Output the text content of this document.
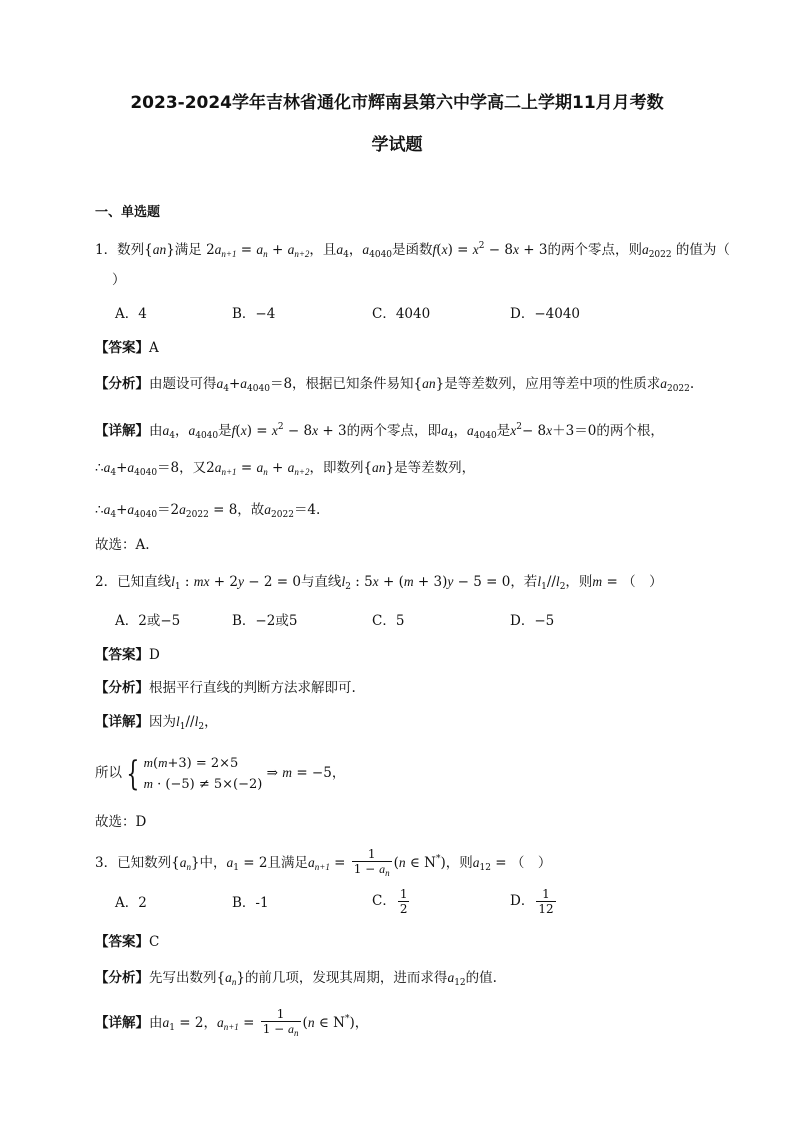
2023-2024学年吉林省通化市辉南县第六中学高二上学期11月月考数
学试题
一、单选题
1．数列{an}满足 $2a_{n+1} = a_n + a_{n+2}$，且$a_4$，$a_{4040}$是函数$f(x) = x^2 - 8x + 3$的两个零点，则$a_{2022}$ 的值为（
）
A．4	B．−4	C．4040	D．−4040
【答案】A
【分析】由题设可得$a_4+a_{4040}=8$，根据已知条件易知{an}是等差数列，应用等差中项的性质求$a_{2022}$.
【详解】由$a_4$，$a_{4040}$是$f(x) = x^2 - 8x + 3$的两个零点，即$a_4$，$a_{4040}$是$x^2- 8x+3=0$的两个根，
$\therefore a_4+a_{4040}=8$，又$2a_{n+1} = a_n + a_{n+2}$，即数列{an}是等差数列，
$\therefore a_4+a_{4040}=2a_{2022} = 8$，故$a_{2022}=4$.
故选：A.
2．已知直线$l_1$ : mx + 2y − 2 = 0与直线$l_2$ : 5x + (m + 3)y − 5 = 0，若$l_1//l_2$，则m = （　）
A．2或−5	B．−2或5	C．5	D．−5
【答案】D
【分析】根据平行直线的判断方法求解即可.
【详解】因为$l_1//l_2$，
所以 { m(m+3) = 2×5
m · (−5) ≠ 5×(−2) ⇒ m = −5，
故选：D
3．已知数列$\{a_n\}$中，$a_1 = 2$且满足$a_{n+1} = \frac{1}{1 - a_n} (n$ ∈ N*)，则$a_{12}$ = （　）
A．2	B．-1	C． $\frac{1}{2}$	D． $\frac{1}{12}$
【答案】C
【分析】先写出数列$\{a_n\}$的前几项，发现其周期，进而求得$a_{12}$的值.
【详解】由$a_1 = 2$，$a_{n+1} = \frac{1}{1 - a_n} (n$ ∈ N*)，
